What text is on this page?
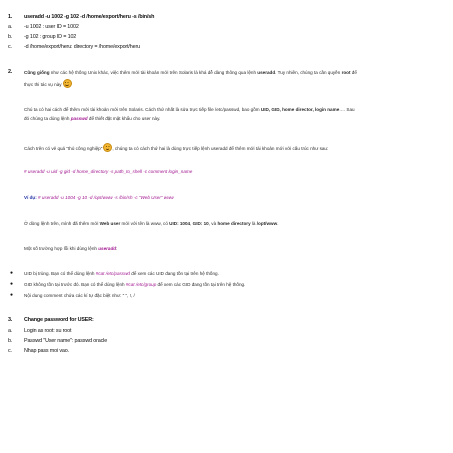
1. useradd -u 1002 -g 102 -d /home/export/heru -s /bin/sh
a. -u 1002 : user ID = 1002
b. -g 102 : group ID = 102
c. -d /home/export/heru: directory = /home/export/heru
2.	Cũng giống như các hệ thống Unix khác, việc thêm mới tài khoản mới trên Solaris là khá dễ dàng thông qua lệnh useradd. Tuy nhiên, chúng ta cần quyền root để
thực thi tác vụ này
Chú ta có hai cách để thêm mới tài khoản mới trên Solaris. Cách thứ nhất là sửa trực tiếp file /etc/passwd, bao gồm UID, GID, home director, login name…. Sau
đó chúng ta dùng lệnh passwd để thiết đặt mật khẩu cho user này.
Cách trên có vẻ quá "thủ công nghiệp" , chúng ta có cách thứ hai là dùng trực tiếp lệnh useradd để thêm mới tài khoản mới với cấu trúc như sau:
# useradd -u uid -g gid -d home_directory -s path_to_shell -c comment login_name
Ví dụ: # useradd -u 1004 -g 10 -d /opt/www -s /bin/sh -c "Web User" www
Ở dòng lệnh trên, mình đã thêm mới Web user mới với tên là www, có UID: 1004, GID: 10, và home directory là /opt/www.
Một số trường hợp lỗi khi dùng lệnh useradd:
● UID bị trùng. Bạn có thể dùng lệnh #cat /etc/passwd để xem các UID đang tồn tại trên hệ thống.
● GID không tồn tại trước đó. Bạn có thể dùng lệnh #cat /etc/group để xem các GID đang tồn tại trên hệ thống.
● Nội dung comment chứa các kí tự đặc biệt như: " ", !, /
3. Change password for USER:
a. Login as root: su root
b. Passwd "User name": passwd oracle
c. Nhap pass moi vao.
